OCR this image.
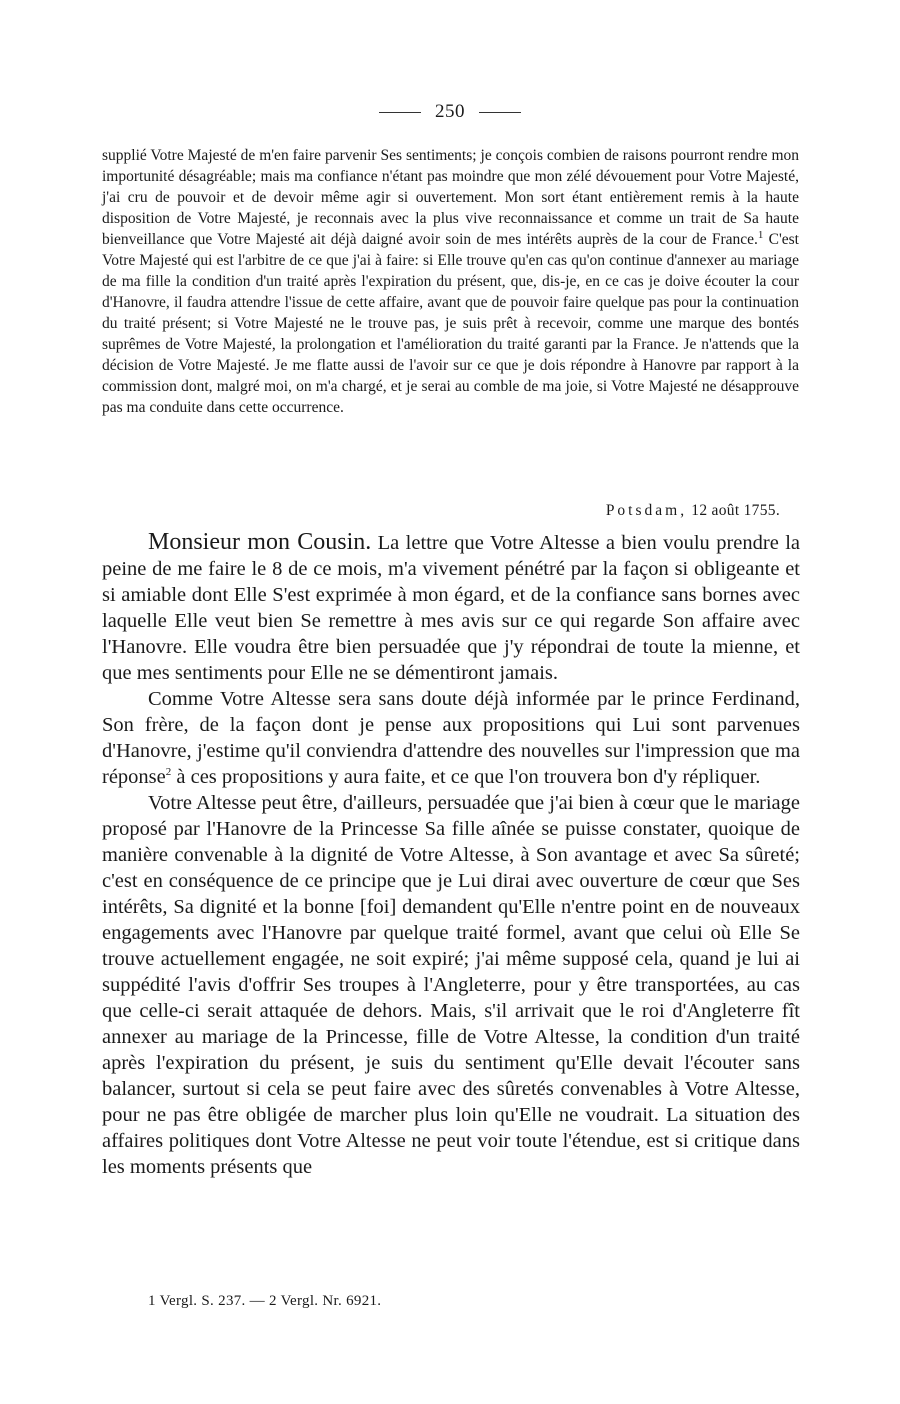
250

supplié Votre Majesté de m'en faire parvenir Ses sentiments; je conçois combien de raisons pourront rendre mon importunité désagréable; mais ma confiance n'étant pas moindre que mon zélé dévouement pour Votre Majesté, j'ai cru de pouvoir et de devoir même agir si ouvertement. Mon sort étant entièrement remis à la haute disposition de Votre Majesté, je reconnais avec la plus vive reconnaissance et comme un trait de Sa haute bienveillance que Votre Majesté ait déjà daigné avoir soin de mes intérêts auprès de la cour de France.$^1$ C'est Votre Majesté qui est l'arbitre de ce que j'ai à faire: si Elle trouve qu'en cas qu'on continue d'annexer au mariage de ma fille la condition d'un traité après l'expiration du présent, que, dis-je, en ce cas je doive écouter la cour d'Hanovre, il faudra attendre l'issue de cette affaire, avant que de pouvoir faire quelque pas pour la continuation du traité présent; si Votre Majesté ne le trouve pas, je suis prêt à recevoir, comme une marque des bontés suprêmes de Votre Majesté, la prolongation et l'amélioration du traité garanti par la France. Je n'attends que la décision de Votre Majesté. Je me flatte aussi de l'avoir sur ce que je dois répondre à Hanovre par rapport à la commission dont, malgré moi, on m'a chargé, et je serai au comble de ma joie, si Votre Majesté ne désapprouve pas ma conduite dans cette occurrence.

Potsdam, 12 août 1755.

Monsieur mon Cousin. La lettre que Votre Altesse a bien voulu prendre la peine de me faire le 8 de ce mois, m'a vivement pénétré par la façon si obligeante et si amiable dont Elle S'est exprimée à mon égard, et de la confiance sans bornes avec laquelle Elle veut bien Se remettre à mes avis sur ce qui regarde Son affaire avec l'Hanovre. Elle voudra être bien persuadée que j'y répondrai de toute la mienne, et que mes sentiments pour Elle ne se démentiront jamais.

Comme Votre Altesse sera sans doute déjà informée par le prince Ferdinand, Son frère, de la façon dont je pense aux propositions qui Lui sont parvenues d'Hanovre, j'estime qu'il conviendra d'attendre des nouvelles sur l'impression que ma réponse$^2$ à ces propositions y aura faite, et ce que l'on trouvera bon d'y répliquer.

Votre Altesse peut être, d'ailleurs, persuadée que j'ai bien à cœur que le mariage proposé par l'Hanovre de la Princesse Sa fille aînée se puisse constater, quoique de manière convenable à la dignité de Votre Altesse, à Son avantage et avec Sa sûreté; c'est en conséquence de ce principe que je Lui dirai avec ouverture de cœur que Ses intérêts, Sa dignité et la bonne [foi] demandent qu'Elle n'entre point en de nouveaux engagements avec l'Hanovre par quelque traité formel, avant que celui où Elle Se trouve actuellement engagée, ne soit expiré; j'ai même supposé cela, quand je lui ai suppédité l'avis d'offrir Ses troupes à l'Angleterre, pour y être transportées, au cas que celle-ci serait attaquée de dehors. Mais, s'il arrivait que le roi d'Angleterre fît annexer au mariage de la Princesse, fille de Votre Altesse, la condition d'un traité après l'expiration du présent, je suis du sentiment qu'Elle devait l'écouter sans balancer, surtout si cela se peut faire avec des sûretés convenables à Votre Altesse, pour ne pas être obligée de marcher plus loin qu'Elle ne voudrait. La situation des affaires politiques dont Votre Altesse ne peut voir toute l'étendue, est si critique dans les moments présents que

1 Vergl. S. 237. — 2 Vergl. Nr. 6921.
